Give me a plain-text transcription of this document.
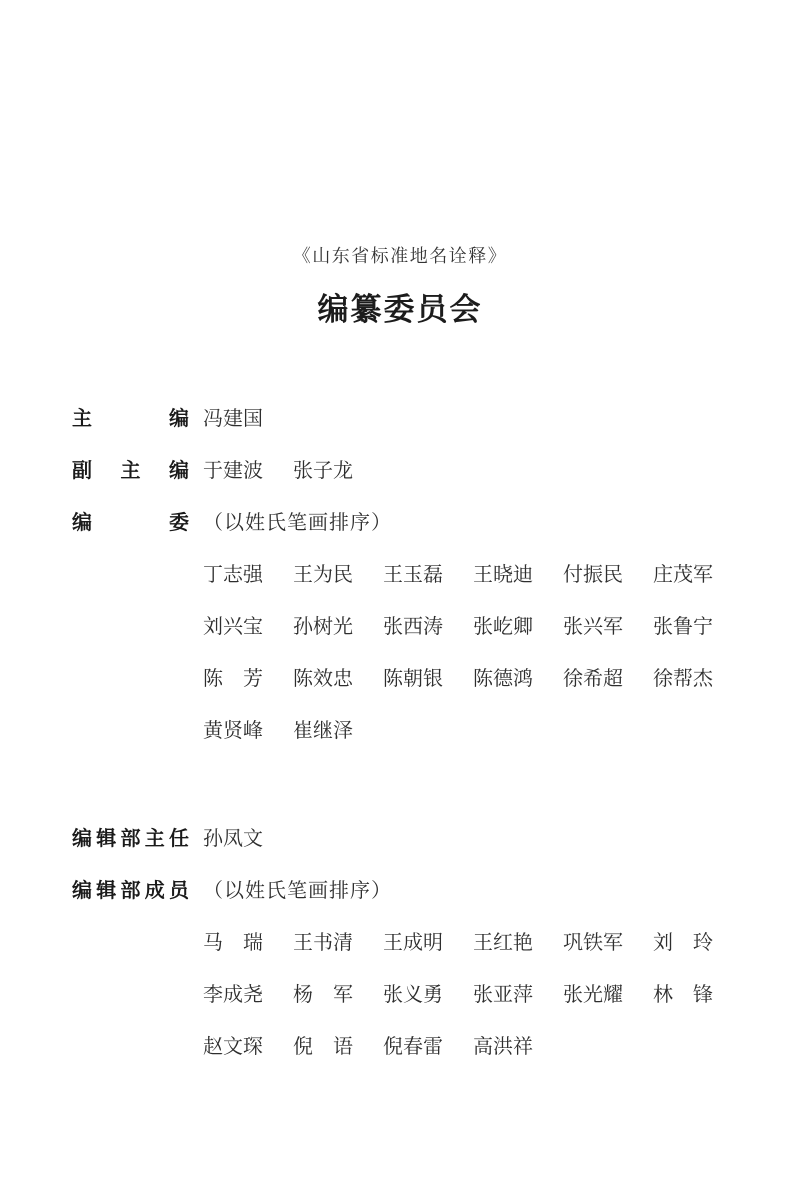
《山东省标准地名诠释》
编纂委员会
主	编 冯建国
副 主 编 于建波 张子龙
编	委 （以姓氏笔画排序）
丁志强 王为民 王玉磊 王晓迪 付振民 庄茂军
刘兴宝 孙树光 张西涛 张屹卿 张兴军 张鲁宁
陈　芳 陈效忠 陈朝银 陈德鸿 徐希超 徐帮杰
黄贤峰 崔继泽
编 辑 部 主 任 孙凤文
编 辑 部 成 员 （以姓氏笔画排序）
马　瑞 王书清 王成明 王红艳 巩铁军 刘　玲
李成尧 杨　军 张义勇 张亚萍 张光耀 林　锋
赵文琛 倪　语 倪春雷 高洪祥
